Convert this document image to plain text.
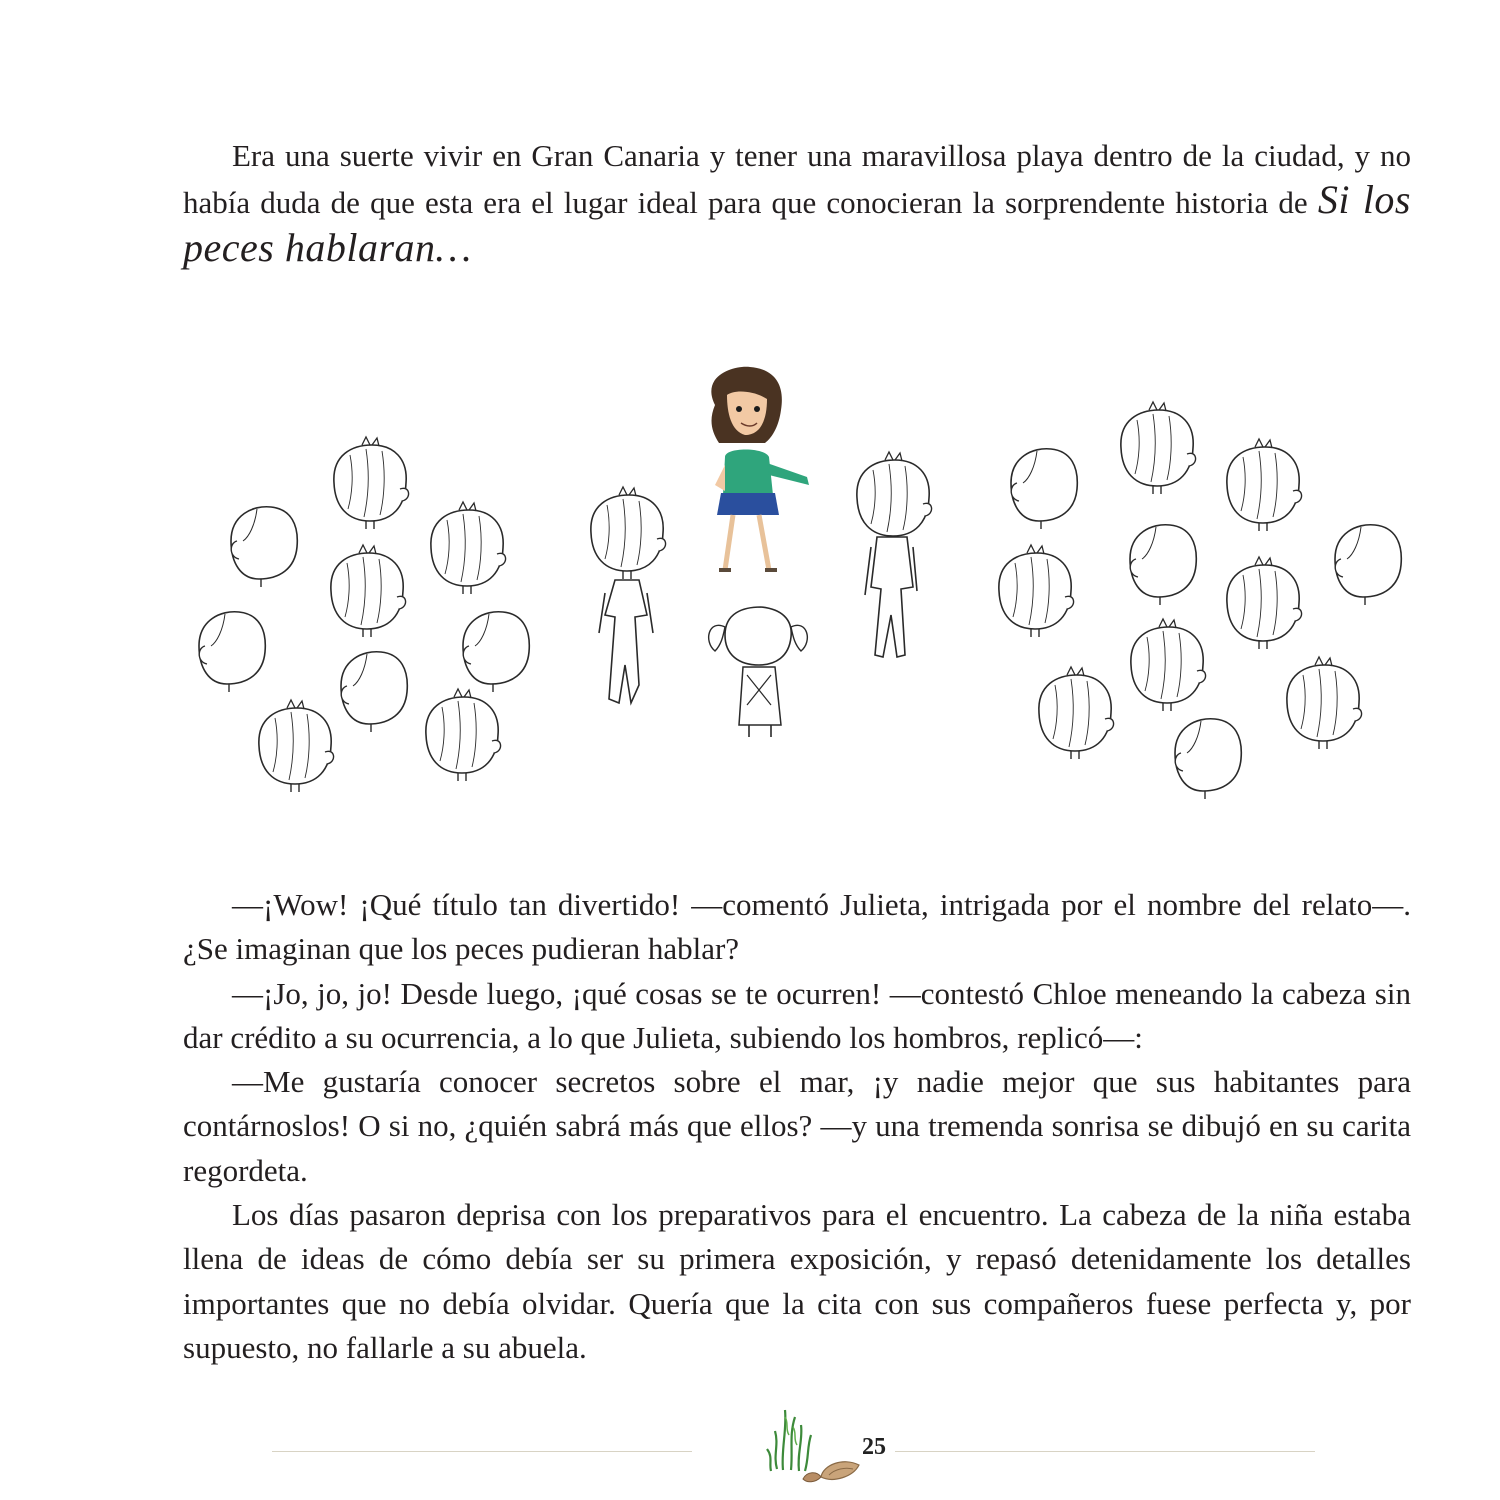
Era una suerte vivir en Gran Canaria y tener una maravillosa playa dentro de la ciudad, y no había duda de que esta era el lugar ideal para que conocieran la sorprendente historia de Si los peces hablaran…

—¡Wow! ¡Qué título tan divertido! —comentó Julieta, intrigada por el nombre del relato—. ¿Se imaginan que los peces pudieran hablar?

—¡Jo, jo, jo! Desde luego, ¡qué cosas se te ocurren! —contestó Chloe meneando la cabeza sin dar crédito a su ocurrencia, a lo que Julieta, subiendo los hombros, replicó—:

—Me gustaría conocer secretos sobre el mar, ¡y nadie mejor que sus habitantes para contárnoslos! O si no, ¿quién sabrá más que ellos? —y una tremenda sonrisa se dibujó en su carita regordeta.

Los días pasaron deprisa con los preparativos para el encuentro. La cabeza de la niña estaba llena de ideas de cómo debía ser su primera exposición, y repasó detenidamente los detalles importantes que no debía olvidar. Quería que la cita con sus compañeros fuese perfecta y, por supuesto, no fallarle a su abuela.

25
